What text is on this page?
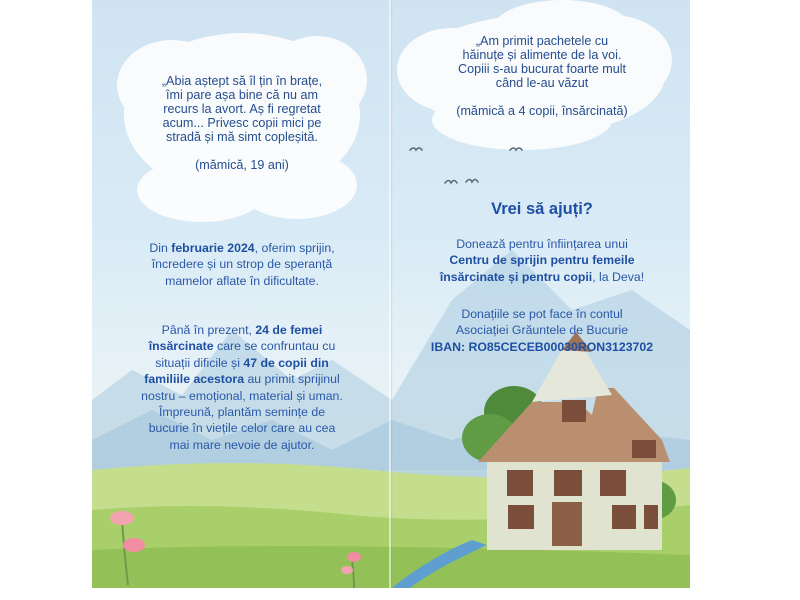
„Abia aștept să îl țin în brațe,
îmi pare așa bine că nu am
recurs la avort. Aș fi regretat
acum... Privesc copii mici pe
stradă și mă simt copleșită.
(mămică, 19 ani)
Din februarie 2024, oferim sprijin,
încredere și un strop de speranță
mamelor aflate în dificultate.
Până în prezent, 24 de femei
însărcinate care se confruntau cu
situații dificile și 47 de copii din
familiile acestora au primit sprijinul
nostru – emoțional, material și uman.
Împreună, plantăm semințe de
bucurie în viețile celor care au cea
mai mare nevoie de ajutor.
„Am primit pachetele cu
hăinuțe și alimente de la voi.
Copiii s-au bucurat foarte mult
când le-au văzut
(mămică a 4 copii, însărcinată)
Vrei să ajuți?
Donează pentru înființarea unui
Centru de sprijin pentru femeile
însărcinate și pentru copii, la Deva!
Donațiile se pot face în contul
Asociației Grăuntele de Bucurie
IBAN: RO85CECEB00030RON3123702
